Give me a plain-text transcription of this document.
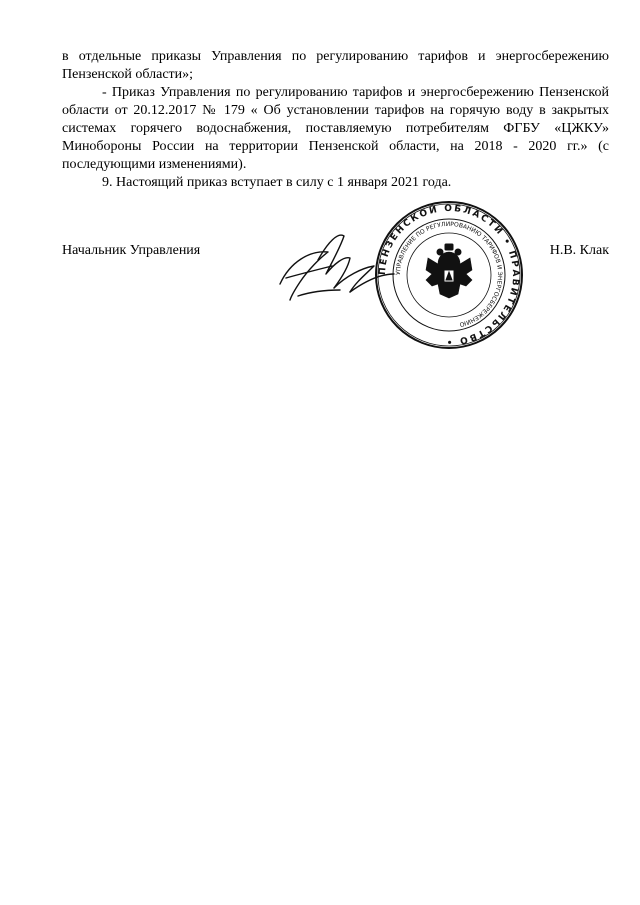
в отдельные приказы Управления по регулированию тарифов и энергосбережению Пензенской области»;

- Приказ Управления по регулированию тарифов и энергосбережению Пензенской области от 20.12.2017 № 179 « Об установлении тарифов на горячую воду в закрытых системах горячего водоснабжения, поставляемую потребителям ФГБУ «ЦЖКУ» Минобороны России на территории Пензенской области, на 2018 - 2020 гг.» (с последующими изменениями).

9. Настоящий приказ вступает в силу с 1 января 2021 года.

Начальник Управления	Н.В. Клак
ПЕНЗЕНСКОЙ ОБЛАСТИ • ПРАВИТЕЛЬСТВО •
УПРАВЛЕНИЕ ПО РЕГУЛИРОВАНИЮ ТАРИФОВ И ЭНЕРГОСБЕРЕЖЕНИЮ
